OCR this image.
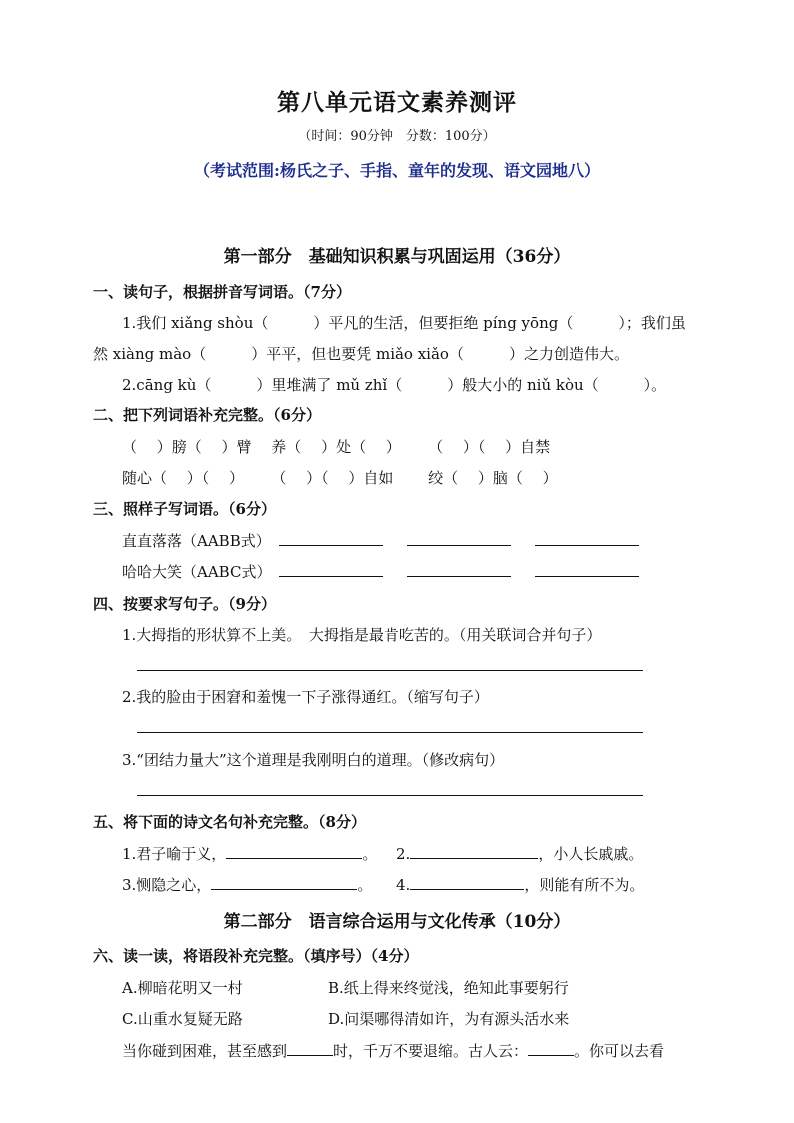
第八单元语文素养测评
（时间：90分钟　分数：100分）
（考试范围:杨氏之子、手指、童年的发现、语文园地八）
第一部分　基础知识积累与巩固运用（36分）
一、读句子，根据拼音写词语。（7分）
1.我们 xiǎng shòu（　　　）平凡的生活，但要拒绝 píng yōng（　　　）；我们虽
然 xiàng mào（　　　）平平，但也要凭 miǎo xiǎo（　　　）之力创造伟大。
2.cāng kù（　　　）里堆满了 mǔ zhǐ（　　　）般大小的 niǔ kòu（　　　）。
二、把下列词语补充完整。（6分）
（　 ）膀（　 ）臂　 养（　 ）处（　 ）　　 （　 ）（　 ）自禁
随心（　 ）（　 ）　　 （　 ）（　 ）自如　　 绞（　 ）脑（　 ）
三、照样子写词语。（6分）
直直落落（AABB式）
哈哈大笑（AABC式）
四、按要求写句子。（9分）
1.大拇指的形状算不上美。　大拇指是最肯吃苦的。（用关联词合并句子）
2.我的脸由于困窘和羞愧一下子涨得通红。（缩写句子）
3.“团结力量大”这个道理是我刚明白的道理。（修改病句）
五、将下面的诗文名句补充完整。（8分）
1.君子喻于义，	。 2.	，小人长戚戚。
3.恻隐之心，	。 4.	，则能有所不为。
第二部分　语言综合运用与文化传承（10分）
六、读一读，将语段补充完整。（填序号）（4分）
A.柳暗花明又一村	B.纸上得来终觉浅，绝知此事要躬行
C.山重水复疑无路	D.问渠哪得清如许，为有源头活水来
当你碰到困难，甚至感到	时，千万不要退缩。古人云：	。你可以去看
